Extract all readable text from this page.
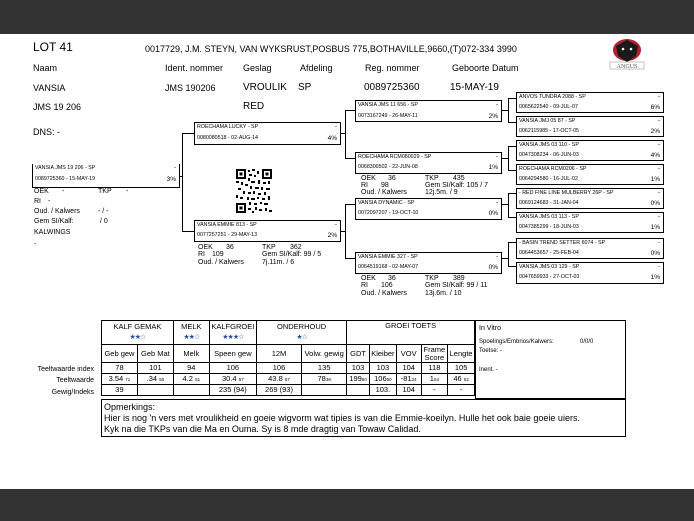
LOT 41	0017729, J.M. STEYN, VAN WYKSRUST,POSBUS 775,BOTHAVILLE,9660,(T)072-334 3990
ANGUS
Naam	Ident. nommer Geslag	Afdeling	Reg. nommer	Geboorte Datum
VANSIA	JMS 190206	VROULIK SP	0089725360	15-MAY-19
JMS 19 206	RED
DNS: -
VANSIA JMS 19 206 - SP	-
0089725360 - 15-MAY-19	3%
OEK -	TKP -
RI -
Oud. / Kalwers	- / -
Gem SI/Kalf:	/ 0
KALWINGS
-
ROECHAMA LUCKY - SP	-
0080080518 - 02-AUG-14	4%
VANSIA EMMIE 813 - SP	-
0077257251 - 29-MAY-13	2%
OEK 36	TKP 362
RI 109	Gem SI/Kalf: 99 / 5
Oud. / Kalwers	7j.11m. / 6
VANSIA JMS 11 656 - SP	-
0073167249 - 26-MAY-11	2%
ROECHAMA RCM080029 - SP	-
0068300502 - 22-JUN-08	1%
OEK 36	TKP 435
RI 98	Gem SI/Kalf: 105 / 7
Oud. / Kalwers	12j.5m. / 9
VANSIA DYNAMIC - SP	-
0072097207 - 19-OCT-10	0%
VANSIA EMMIE 327 - SP	-
0064519168 - 02-MAY-07	0%
OEK 36	TKP 389
RI 106	Gem SI/Kalf: 99 / 11
Oud. / Kalwers	13j.6m. / 10
ANVOS TUNDRA 2088 - SP	-
0065622540 - 09-JUL-07	6%
VANSIA JMJ 05 87 - SP	-
0062115985 - 17-OCT-05	2%
VANSIA JMS 03 110 - SP	-
0047308234 - 06-JUN-03	4%
ROECHAMA RCM0206 - SP	-
0064294580 - 16-JUL-02	1%
- RED FINE LINE MULBERRY 26P - SP	-
0069124683 - 31-JAN-04	0%
VANSIA JMS 03 113 - SP	-
0047385299 - 18-JUN-03	1%
- BASIN TREND SETTER 6074 - SP	-
0064453657 - 25-FEB-04	0%
VANSIA JMS 03 129 - SP	-
0047659933 - 27-OCT-03	1%
Teeltwaarde index
Teeltwaarde
Gewig/Indeks
KALF GEMAK		MELK	KALFGROEI	ONDERHOUD		GROEI TOETS				
★★☆		★★☆	★★★☆	★☆						
Geb gew	Geb Mat	Melk	Speen gew	12M	Volw. gewig	GDT	Kleiber	VOV	Frame Score	Lengte
78	101	94	106	106	135	103	103	104	118	105
3.54 71	.34 50	4.2 51	30.4 67	43.8 67	7838	19950	10650	-8124	154	46 52
39			235 (94)	269 (93)			103.	104	-	-
In Vitro
Spoelings/Embrios/Kalwers:	0/0/0
Toetse: -
Inent. -
Opmerkings:
Hier is nog 'n vers met vroulikheid en goeie wigvorm wat tipies is van die Emmie-koeilyn. Hulle het ook baie goeie uiers.
Kyk na die TKPs van die Ma en Ouma. Sy is 8 mde dragtig van Towaw Calidad.
